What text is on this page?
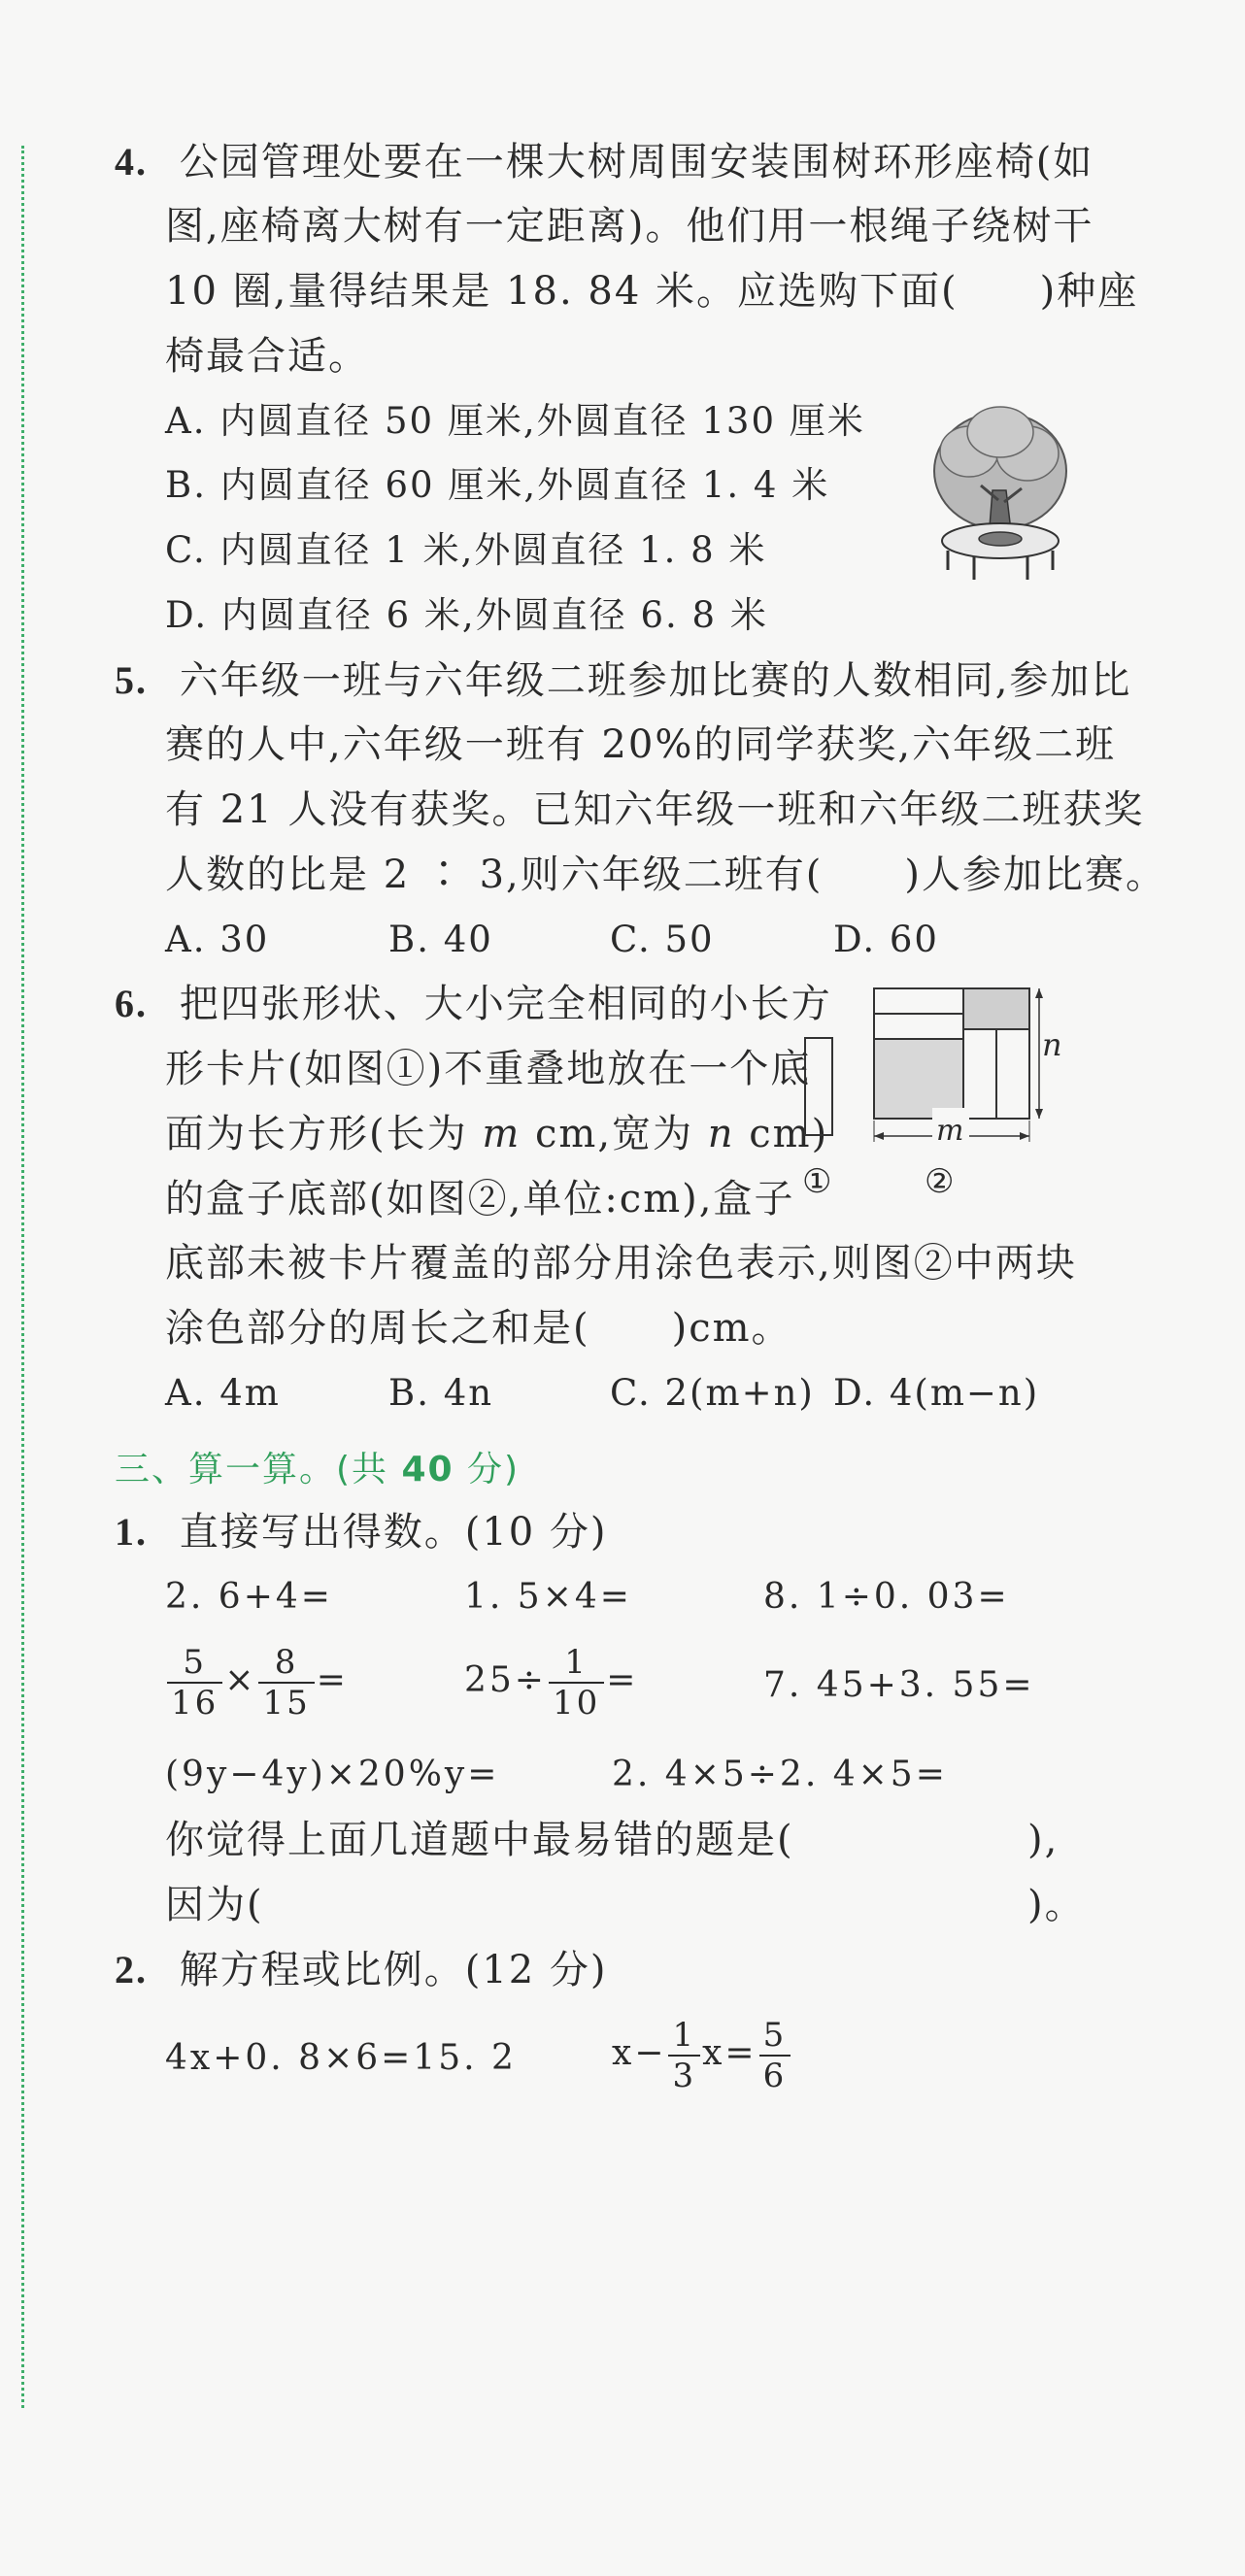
4. 公园管理处要在一棵大树周围安装围树环形座椅(如
图,座椅离大树有一定距离)。他们用一根绳子绕树干
10 圈,量得结果是 18. 84 米。应选购下面(　　)种座
椅最合适。
A. 内圆直径 50 厘米,外圆直径 130 厘米
B. 内圆直径 60 厘米,外圆直径 1. 4 米
C. 内圆直径 1 米,外圆直径 1. 8 米
D. 内圆直径 6 米,外圆直径 6. 8 米
5. 六年级一班与六年级二班参加比赛的人数相同,参加比
赛的人中,六年级一班有 20%的同学获奖,六年级二班
有 21 人没有获奖。已知六年级一班和六年级二班获奖
人数的比是 2 ∶ 3,则六年级二班有(　　)人参加比赛。
A. 30	B. 40	C. 50	D. 60
6. 把四张形状、大小完全相同的小长方
形卡片(如图①)不重叠地放在一个底
面为长方形(长为 m cm,宽为 n cm)
的盒子底部(如图②,单位:cm),盒子
底部未被卡片覆盖的部分用涂色表示,则图②中两块
涂色部分的周长之和是(　　)cm。
A. 4m	B. 4n	C. 2(m+n) D. 4(m−n)
①
n
m
②
三、算一算。(共 40 分)
1. 直接写出得数。(10 分)
2. 6+4=	1. 5×4=	8. 1÷0. 03=
$\frac{5}{16} \times \frac{8}{15}$ =	$25\div \frac{1}{10}$ =	7. 45+3. 55=
(9y−4y)×20%y=	2. 4×5÷2. 4×5=
你觉得上面几道题中最易错的题是(	),
因为(	)。
2. 解方程或比例。(12 分)
4x+0. 8×6=15. 2	$x- \frac{1}{3} x= \frac{5}{6}$
